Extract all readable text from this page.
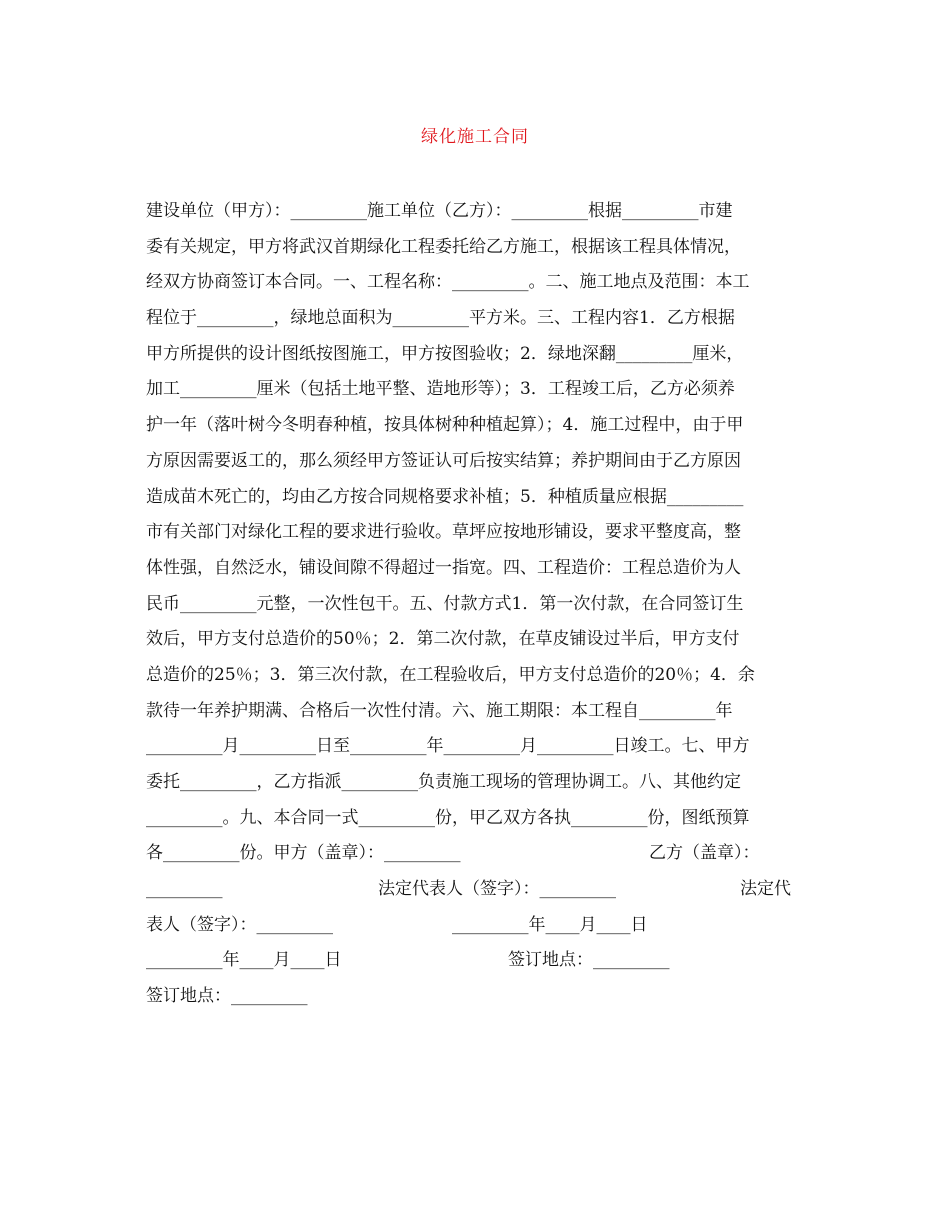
绿化施工合同
建设单位（甲方）：_________施工单位（乙方）：_________根据_________市建
委有关规定，甲方将武汉首期绿化工程委托给乙方施工，根据该工程具体情况，
经双方协商签订本合同。一、工程名称：_________。二、施工地点及范围：本工
程位于_________，绿地总面积为_________平方米。三、工程内容1．乙方根据
甲方所提供的设计图纸按图施工，甲方按图验收；2．绿地深翻_________厘米，
加工_________厘米（包括土地平整、造地形等）；3．工程竣工后，乙方必须养
护一年（落叶树今冬明春种植，按具体树种种植起算）；4．施工过程中，由于甲
方原因需要返工的，那么须经甲方签证认可后按实结算；养护期间由于乙方原因
造成苗木死亡的，均由乙方按合同规格要求补植；5．种植质量应根据_________
市有关部门对绿化工程的要求进行验收。草坪应按地形铺设，要求平整度高，整
体性强，自然泛水，铺设间隙不得超过一指宽。四、工程造价：工程总造价为人
民币_________元整，一次性包干。五、付款方式1．第一次付款，在合同签订生
效后，甲方支付总造价的50％；2．第二次付款，在草皮铺设过半后，甲方支付
总造价的25％；3．第三次付款，在工程验收后，甲方支付总造价的20％；4．余
款待一年养护期满、合格后一次性付清。六、施工期限：本工程自_________年
_________月_________日至_________年_________月_________日竣工。七、甲方
委托_________，乙方指派_________负责施工现场的管理协调工。八、其他约定
_________。九、本合同一式_________份，甲乙双方各执_________份，图纸预算
各_________份。甲方（盖章）：_________	乙方（盖章）：
_________	法定代表人（签字）：_________	法定代
表人（签字）：_________	_________年____月____日
_________年____月____日	签订地点：_________
签订地点：_________
